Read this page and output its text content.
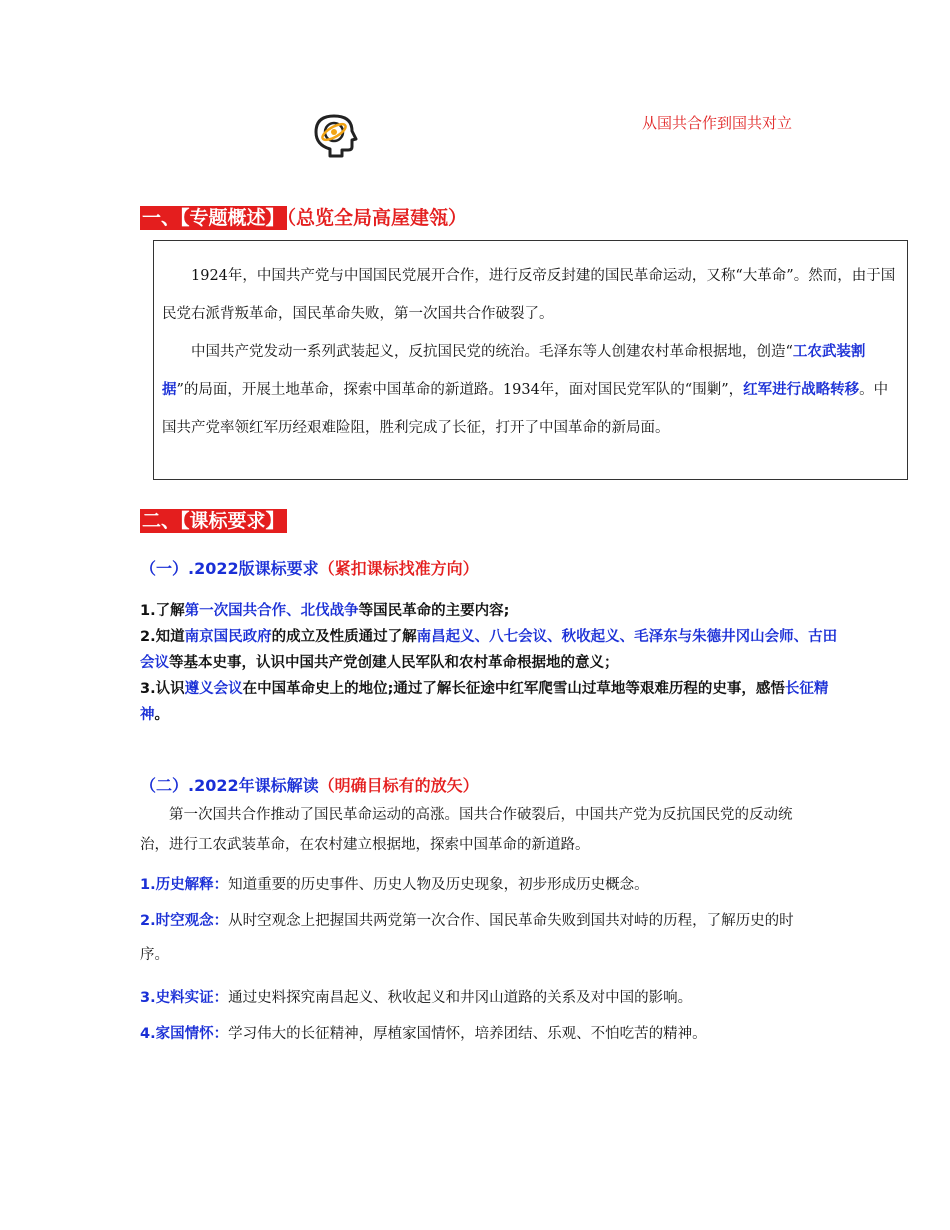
从国共合作到国共对立
一、【专题概述】 （总览全局高屋建瓴）

1924年，中国共产党与中国国民党展开合作，进行反帝反封建的国民革命运动，又称“大革命”。然而，由于国民党右派背叛革命，国民革命失败，第一次国共合作破裂了。

中国共产党发动一系列武装起义，反抗国民党的统治。毛泽东等人创建农村革命根据地，创造“工农武装割据”的局面，开展土地革命，探索中国革命的新道路。1934年，面对国民党军队的“围剿”，红军进行战略转移。中国共产党率领红军历经艰难险阻，胜利完成了长征，打开了中国革命的新局面。

二、【课标要求】
（一）.2022版课标要求（紧扣课标找准方向）
1.了解第一次国共合作、北伐战争等国民革命的主要内容;
2.知道南京国民政府的成立及性质通过了解南昌起义、八七会议、秋收起义、毛泽东与朱德井冈山会师、古田会议等基本史事，认识中国共产党创建人民军队和农村革命根据地的意义；
3.认识遵义会议在中国革命史上的地位;通过了解长征途中红军爬雪山过草地等艰难历程的史事，感悟长征精神。
（二）.2022年课标解读（明确目标有的放矢）
第一次国共合作推动了国民革命运动的高涨。国共合作破裂后，中国共产党为反抗国民党的反动统治，进行工农武装革命，在农村建立根据地，探索中国革命的新道路。
1.历史解释：知道重要的历史事件、历史人物及历史现象，初步形成历史概念。
2.时空观念：从时空观念上把握国共两党第一次合作、国民革命失败到国共对峙的历程，了解历史的时序。
3.史料实证：通过史料探究南昌起义、秋收起义和井冈山道路的关系及对中国的影响。
4.家国情怀：学习伟大的长征精神，厚植家国情怀，培养团结、乐观、不怕吃苦的精神。
